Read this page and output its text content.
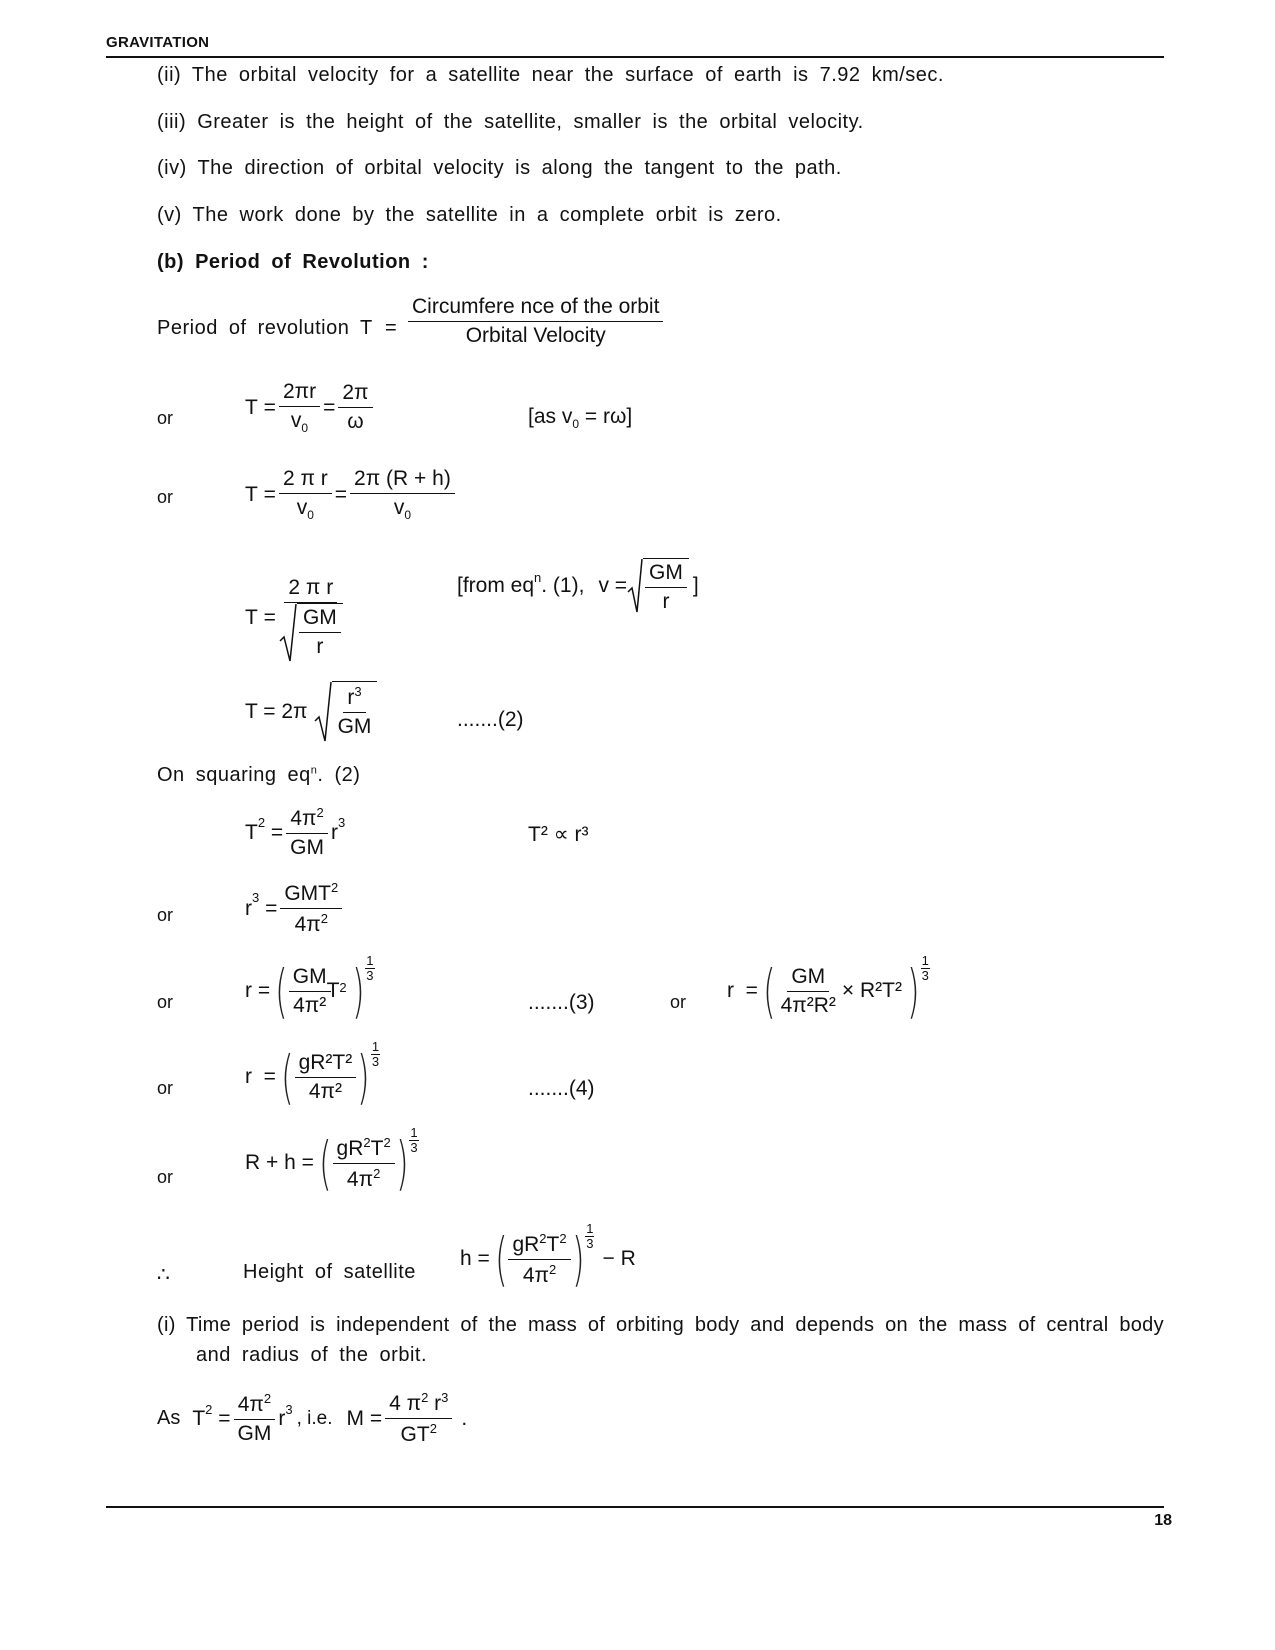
GRAVITATION
(ii) The orbital velocity for a satellite near the surface of earth is 7.92 km/sec.
(iii) Greater is the height of the satellite, smaller is the orbital velocity.
(iv) The direction of orbital velocity is along the tangent to the path.
(v) The work done by the satellite in a complete orbit is zero.
(b) Period of Revolution :
Period of revolution $T = \frac{\text{Circumfere nce of the orbit}}{\text{Orbital Velocity}}$
or	$T = \frac{2\pi r}{v_0} = \frac{2\pi}{\omega}$	[as $v_0 = r\omega$]
or	$T = \frac{\text{2 π r}}{v_0} = \frac{2\pi (R + h)}{v_0}$
$T = \frac{\text{2 π r}}{\frac{GM}{r}}$	[from $eq^n$ . (1), $v = \frac{GM}{r}$ ]
$T = 2\pi \frac{r^3}{GM}$	.......(2)
On squaring $eq^n$. (2)
$T^2 = \frac{4\pi^2}{GM} r^3$
T² ∝ r³
or	$r^3 = \frac{GMT^2}{4\pi^2}$
or	r = ( $\frac{GM}{\text{4π²}}$
T 2 ) 1
3
.......(3)	or r = ( $\frac{GM}{\text{4π²R²}} \times R^2T^2$ ) 1
3
or	r = ( $\frac{\text{gR²T²}}{\text{4π²}}$ ) 1
3
.......(4)
or
R + h = ( $\frac{gR^2T^2}{4\pi^2}$ ) 1
3
∴	Height of satellite
h = ( $\frac{gR^2T^2}{4\pi^2}$ ) 1
3
− R
(i) Time period is independent of the mass of orbiting body and depends on the mass of central body
and radius of the orbit.
As $T^2 = \frac{4\pi^2}{GM} r^3$ , i.e. $M = \frac{4 \pi^2 r^3}{GT^2}$ .
18
